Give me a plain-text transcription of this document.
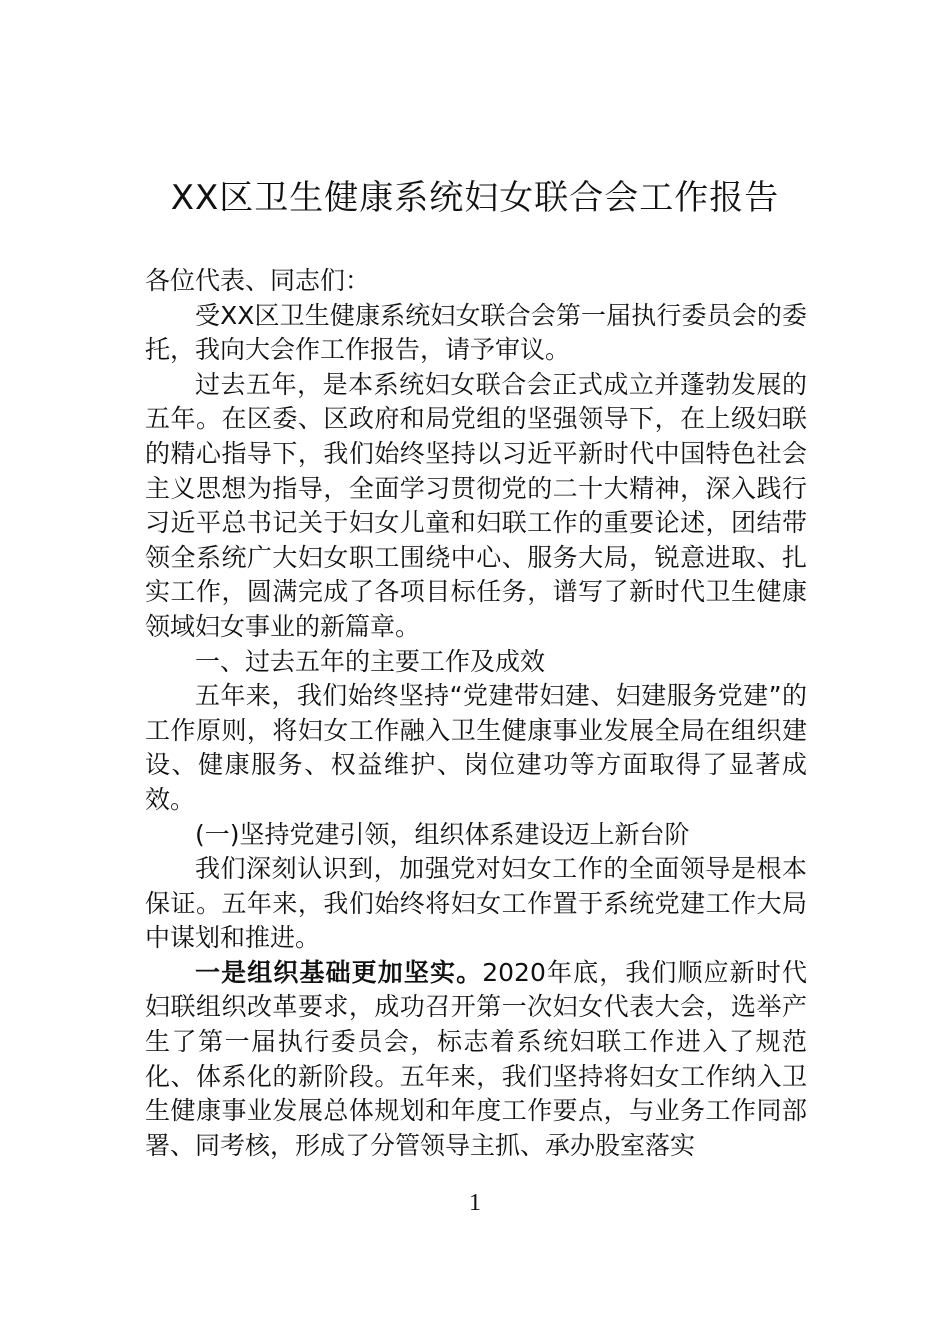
XX区卫生健康系统妇女联合会工作报告

各位代表、同志们：

受XX区卫生健康系统妇女联合会第一届执行委员会的委托，我向大会作工作报告，请予审议。

过去五年，是本系统妇女联合会正式成立并蓬勃发展的五年。在区委、区政府和局党组的坚强领导下，在上级妇联的精心指导下，我们始终坚持以习近平新时代中国特色社会主义思想为指导，全面学习贯彻党的二十大精神，深入践行习近平总书记关于妇女儿童和妇联工作的重要论述，团结带领全系统广大妇女职工围绕中心、服务大局，锐意进取、扎实工作，圆满完成了各项目标任务，谱写了新时代卫生健康领域妇女事业的新篇章。

一、过去五年的主要工作及成效

五年来，我们始终坚持“党建带妇建、妇建服务党建”的工作原则，将妇女工作融入卫生健康事业发展全局在组织建设、健康服务、权益维护、岗位建功等方面取得了显著成效。

(一)坚持党建引领，组织体系建设迈上新台阶

我们深刻认识到，加强党对妇女工作的全面领导是根本保证。五年来，我们始终将妇女工作置于系统党建工作大局中谋划和推进。

一是组织基础更加坚实。2020年底，我们顺应新时代妇联组织改革要求，成功召开第一次妇女代表大会，选举产生了第一届执行委员会，标志着系统妇联工作进入了规范化、体系化的新阶段。五年来，我们坚持将妇女工作纳入卫生健康事业发展总体规划和年度工作要点，与业务工作同部署、同考核，形成了分管领导主抓、承办股室落实

1
